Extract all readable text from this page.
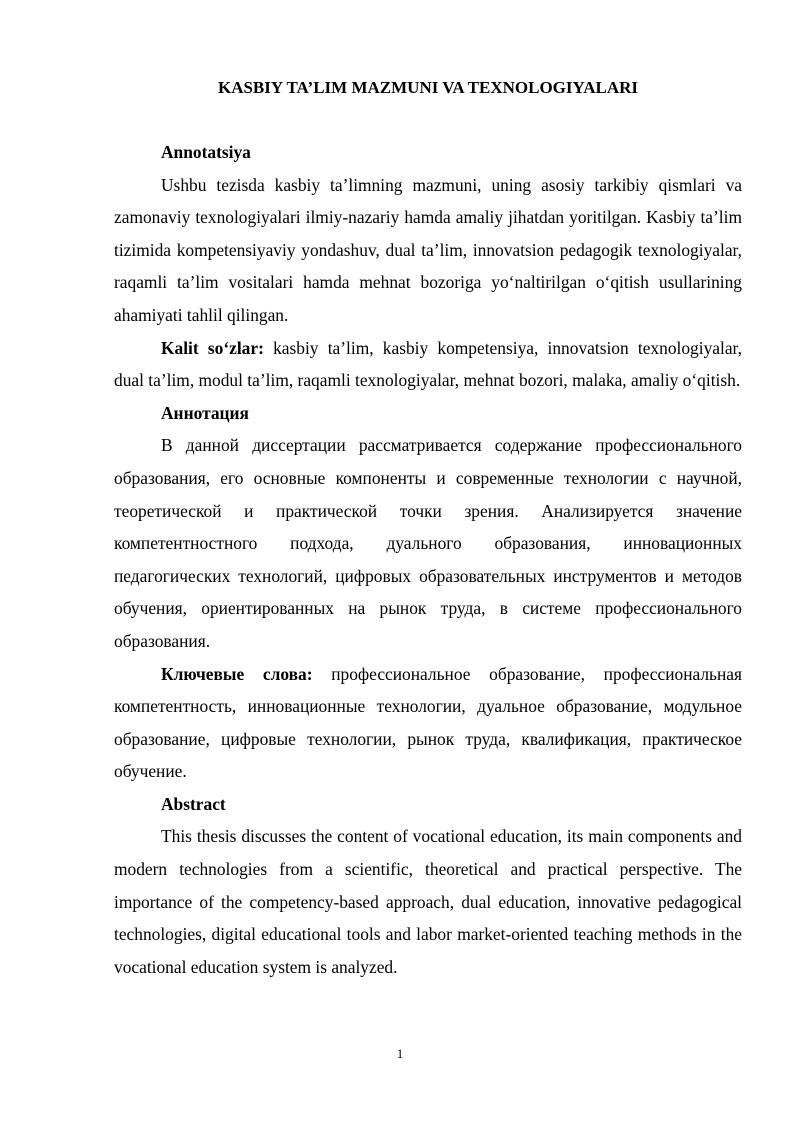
KASBIY TA’LIM MAZMUNI VA TEXNOLOGIYALARI

Annotatsiya

Ushbu tezisda kasbiy ta’limning mazmuni, uning asosiy tarkibiy qismlari va zamonaviy texnologiyalari ilmiy-nazariy hamda amaliy jihatdan yoritilgan. Kasbiy ta’lim tizimida kompetensiyaviy yondashuv, dual ta’lim, innovatsion pedagogik texnologiyalar, raqamli ta’lim vositalari hamda mehnat bozoriga yo‘naltirilgan o‘qitish usullarining ahamiyati tahlil qilingan.

Kalit so‘zlar: kasbiy ta’lim, kasbiy kompetensiya, innovatsion texnologiyalar, dual ta’lim, modul ta’lim, raqamli texnologiyalar, mehnat bozori, malaka, amaliy o‘qitish.

Аннотация

В данной диссертации рассматривается содержание профессионального образования, его основные компоненты и современные технологии с научной, теоретической и практической точки зрения. Анализируется значение компетентностного подхода, дуального образования, инновационных педагогических технологий, цифровых образовательных инструментов и методов обучения, ориентированных на рынок труда, в системе профессионального образования.

Ключевые слова: профессиональное образование, профессиональная компетентность, инновационные технологии, дуальное образование, модульное образование, цифровые технологии, рынок труда, квалификация, практическое обучение.

Abstract

This thesis discusses the content of vocational education, its main components and modern technologies from a scientific, theoretical and practical perspective. The importance of the competency-based approach, dual education, innovative pedagogical technologies, digital educational tools and labor market-oriented teaching methods in the vocational education system is analyzed.

1
